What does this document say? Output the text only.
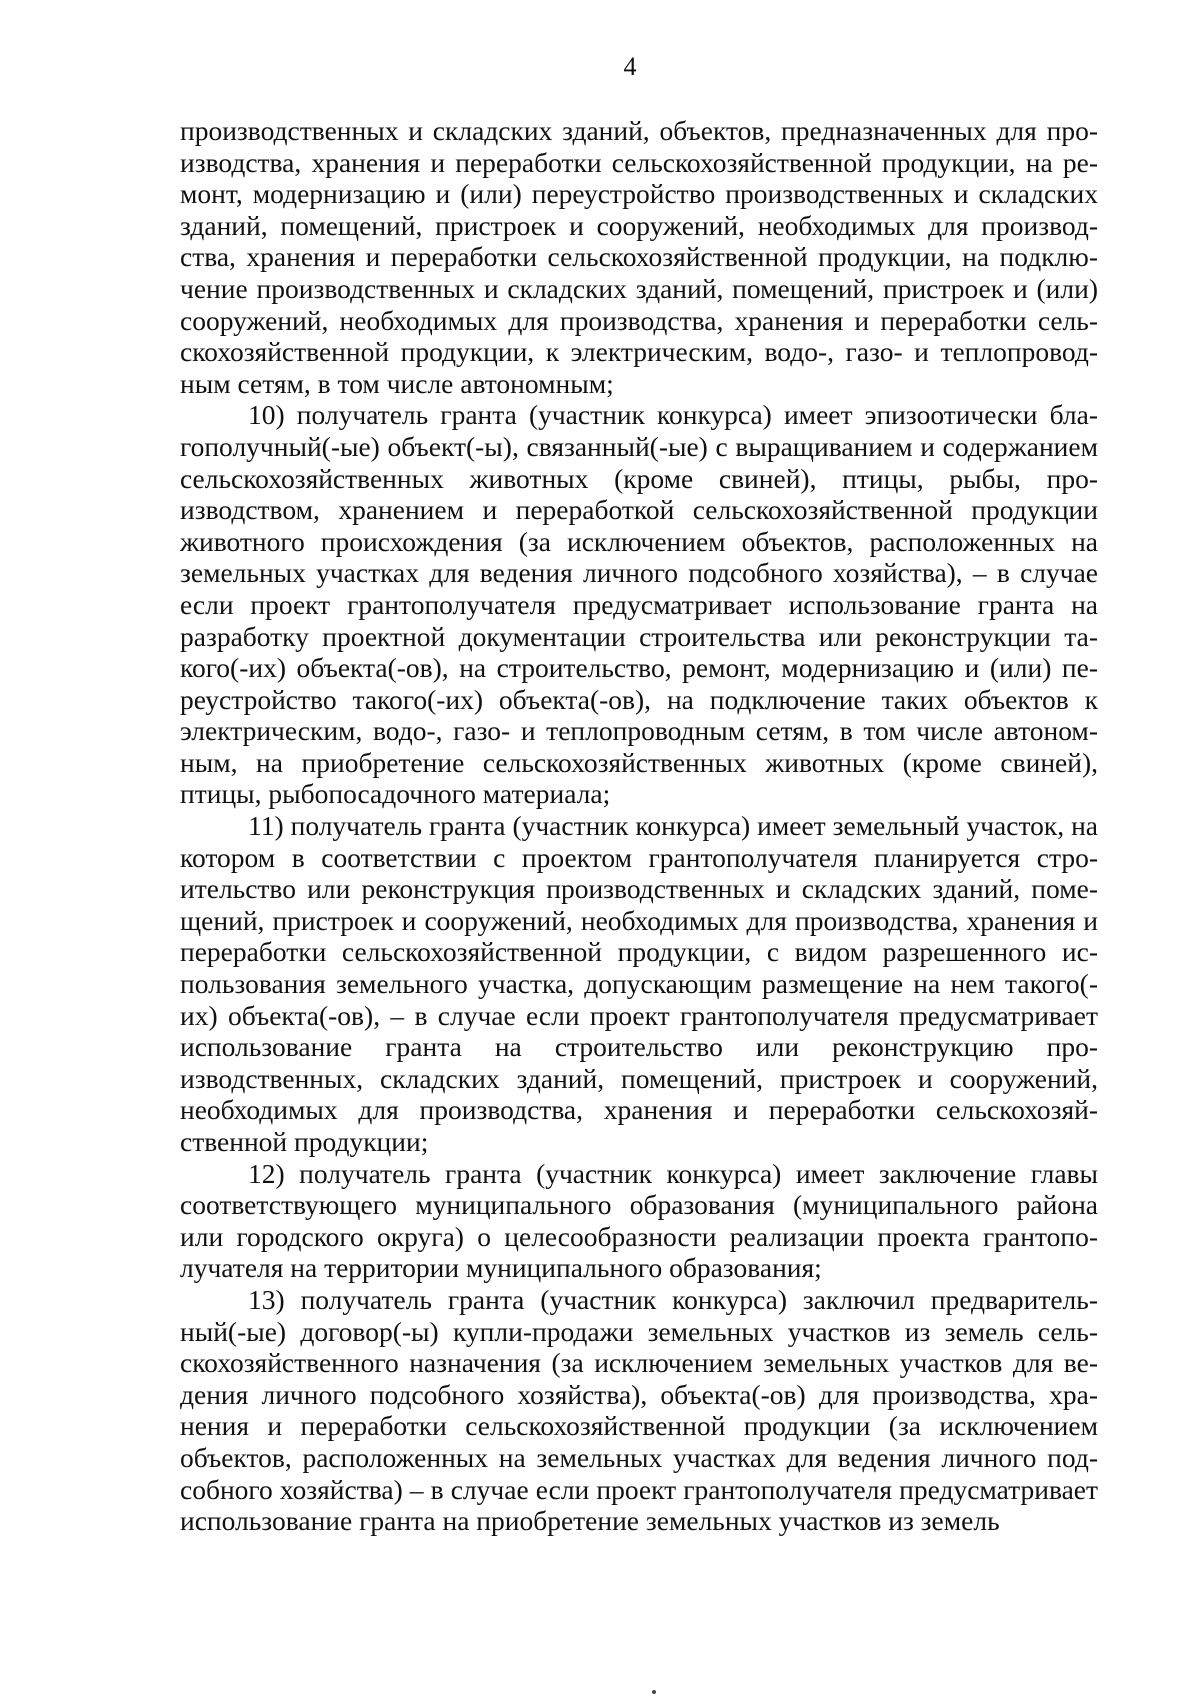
4

производственных и складских зданий, объектов, предназначенных для производства, хранения и переработки сельскохозяйственной продукции, на ремонт, модернизацию и (или) переустройство производственных и складских зданий, помещений, пристроек и сооружений, необходимых для производства, хранения и переработки сельскохозяйственной продукции, на подключение производственных и складских зданий, помещений, пристроек и (или) сооружений, необходимых для производства, хранения и переработки сельскохозяйственной продукции, к электрическим, водо-, газо- и теплопроводным сетям, в том числе автономным;

10) получатель гранта (участник конкурса) имеет эпизоотически благополучный(-ые) объект(-ы), связанный(-ые) с выращиванием и содержанием сельскохозяйственных животных (кроме свиней), птицы, рыбы, производством, хранением и переработкой сельскохозяйственной продукции животного происхождения (за исключением объектов, расположенных на земельных участках для ведения личного подсобного хозяйства), – в случае если проект грантополучателя предусматривает использование гранта на разработку проектной документации строительства или реконструкции такого(-их) объекта(-ов), на строительство, ремонт, модернизацию и (или) переустройство такого(-их) объекта(-ов), на подключение таких объектов к электрическим, водо-, газо- и теплопроводным сетям, в том числе автономным, на приобретение сельскохозяйственных животных (кроме свиней), птицы, рыбопосадочного материала;

11) получатель гранта (участник конкурса) имеет земельный участок, на котором в соответствии с проектом грантополучателя планируется строительство или реконструкция производственных и складских зданий, помещений, пристроек и сооружений, необходимых для производства, хранения и переработки сельскохозяйственной продукции, с видом разрешенного использования земельного участка, допускающим размещение на нем такого(-их) объекта(-ов), – в случае если проект грантополучателя предусматривает использование гранта на строительство или реконструкцию производственных, складских зданий, помещений, пристроек и сооружений, необходимых для производства, хранения и переработки сельскохозяйственной продукции;

12) получатель гранта (участник конкурса) имеет заключение главы соответствующего муниципального образования (муниципального района или городского округа) о целесообразности реализации проекта грантополучателя на территории муниципального образования;

13) получатель гранта (участник конкурса) заключил предварительный(-ые) договор(-ы) купли-продажи земельных участков из земель сельскохозяйственного назначения (за исключением земельных участков для ведения личного подсобного хозяйства), объекта(-ов) для производства, хранения и переработки сельскохозяйственной продукции (за исключением объектов, расположенных на земельных участках для ведения личного подсобного хозяйства) – в случае если проект грантополучателя предусматривает использование гранта на приобретение земельных участков из земель
